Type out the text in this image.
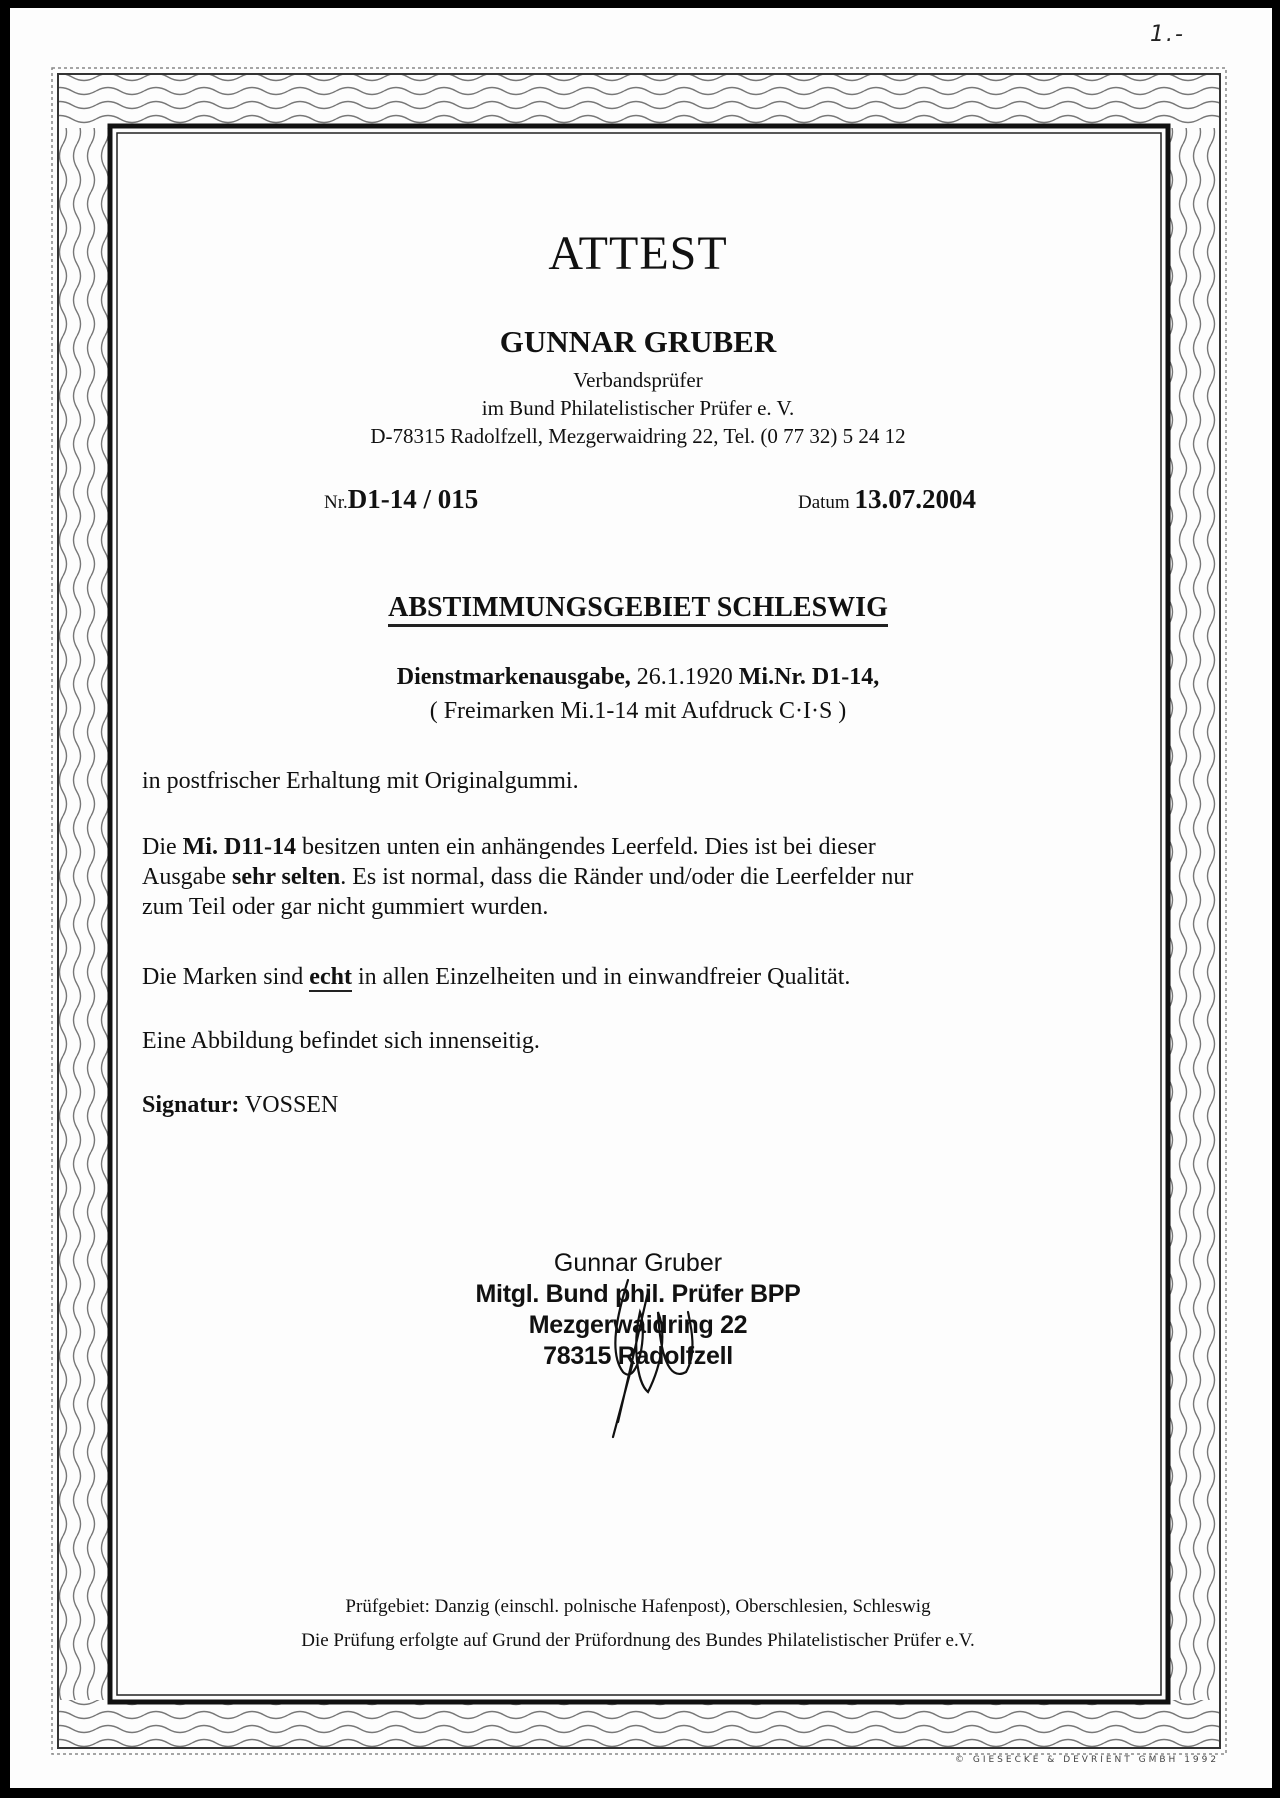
1.-
ATTEST
GUNNAR GRUBER
Verbandsprüfer
im Bund Philatelistischer Prüfer e. V.
D-78315 Radolfzell, Mezgerwaidring 22, Tel. (0 77 32) 5 24 12
Nr.D1-14 / 015	Datum 13.07.2004
ABSTIMMUNGSGEBIET SCHLESWIG
Dienstmarkenausgabe, 26.1.1920 Mi.Nr. D1-14,
( Freimarken Mi.1-14 mit Aufdruck C·I·S )
in postfrischer Erhaltung mit Originalgummi.
Die Mi. D11-14 besitzen unten ein anhängendes Leerfeld. Dies ist bei dieser
Ausgabe sehr selten. Es ist normal, dass die Ränder und/oder die Leerfelder nur
zum Teil oder gar nicht gummiert wurden.
Die Marken sind echt in allen Einzelheiten und in einwandfreier Qualität.
Eine Abbildung befindet sich innenseitig.
Signatur: VOSSEN
Gunnar Gruber
Mitgl. Bund phil. Prüfer BPP
Mezgerwaidring 22
78315 Radolfzell
Prüfgebiet: Danzig (einschl. polnische Hafenpost), Oberschlesien, Schleswig
Die Prüfung erfolgte auf Grund der Prüfordnung des Bundes Philatelistischer Prüfer e.V.
© GIESECKE & DEVRIENT GMBH 1992
